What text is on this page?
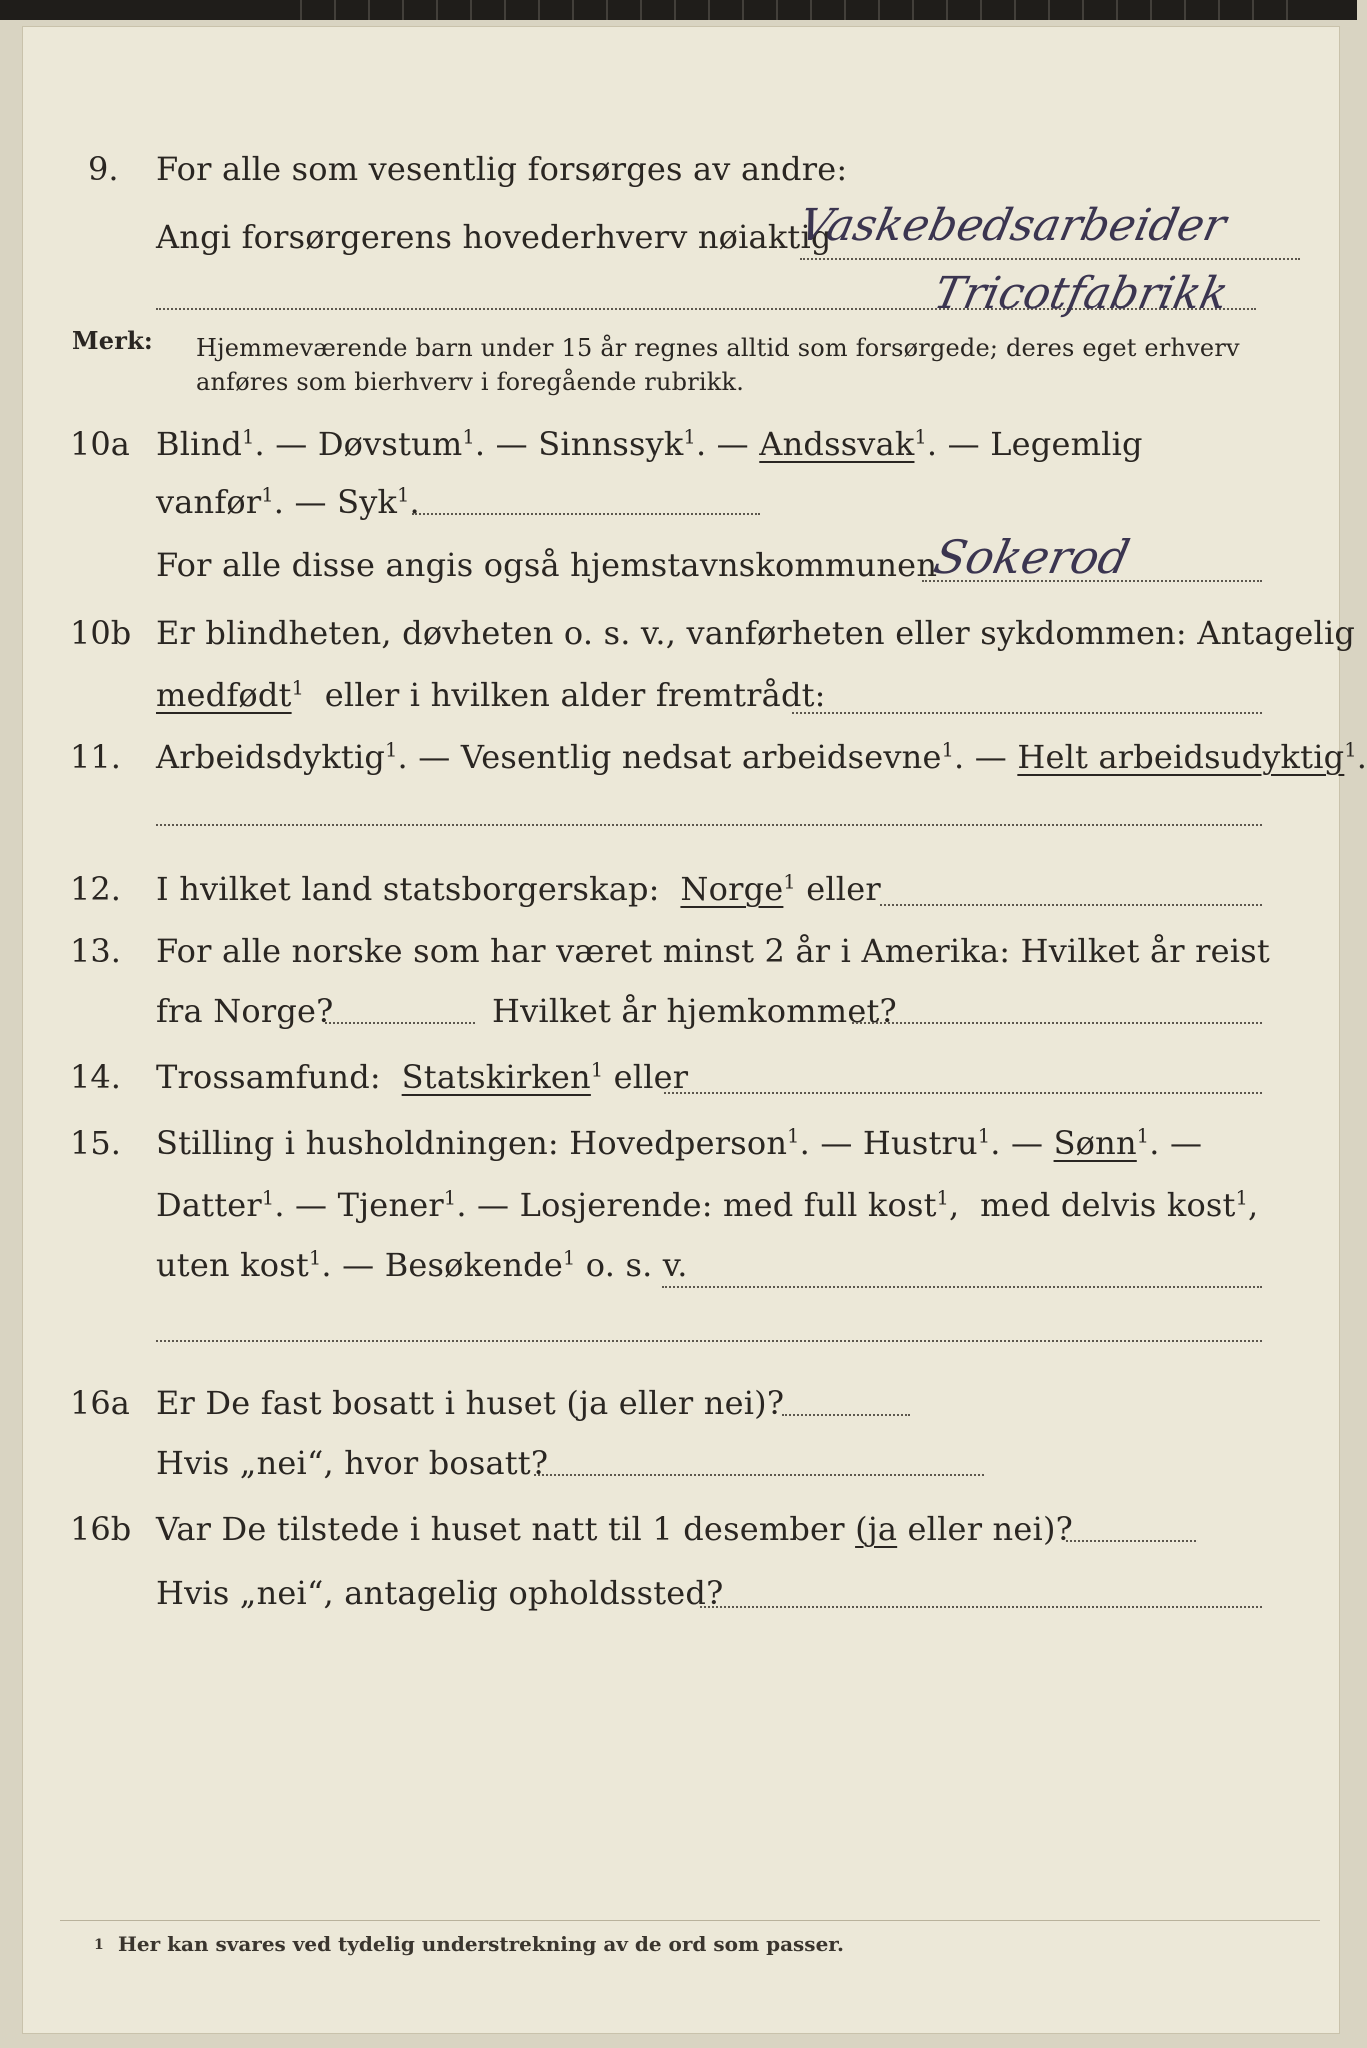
9. For alle som vesentlig forsørges av andre:
Angi forsørgerens hovederhverv nøiaktig
Vaskebedsarbeider
Tricotfabrikk
Merk: Hjemmeværende barn under 15 år regnes alltid som forsørgede; deres eget erhverv
anføres som bierhverv i foregående rubrikk.
10a Blind$^1$. — Døvstum$^1$. — Sinnssyk$^1$. — Andssvak$^1$. — Legemlig
vanfør$^1$. — Syk$^1$.
For alle disse angis også hjemstavnskommunen
Sokerod
10b Er blindheten, døvheten o. s. v., vanførheten eller sykdommen: Antagelig
medfødt$^1$ eller i hvilken alder fremtrådt:
11. Arbeidsdyktig$^1$. — Vesentlig nedsat arbeidsevne$^1$. — Helt arbeidsudyktig$^1$.
12. I hvilket land statsborgerskap: Norge$^1$ eller
13. For alle norske som har været minst 2 år i Amerika: Hvilket år reist
fra Norge?	Hvilket år hjemkommet?
14. Trossamfund: Statskirken$^1$ eller
15. Stilling i husholdningen: Hovedperson$^1$. — Hustru$^1$. — Sønn$^1$. —
Datter$^1$. — Tjener$^1$. — Losjerende: med full kost$^1$,  med delvis kost$^1$,
uten kost$^1$. — Besøkende$^1$ o. s. v.
16a Er De fast bosatt i huset (ja eller nei)?
Hvis „nei“, hvor bosatt?
16b Var De tilstede i huset natt til 1 desember (ja eller nei)?
Hvis „nei“, antagelig opholdssted?
1 Her kan svares ved tydelig understrekning av de ord som passer.
